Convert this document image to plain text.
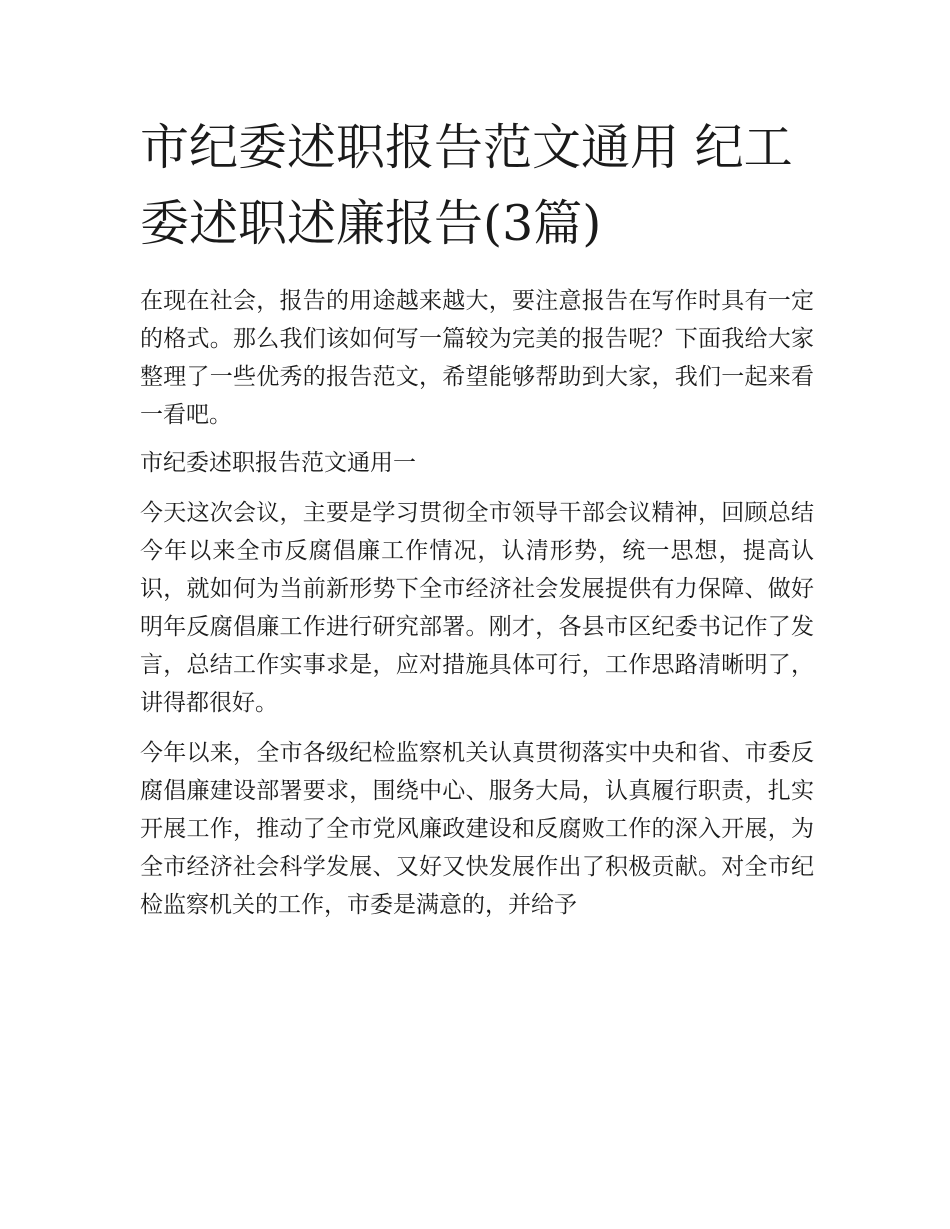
市纪委述职报告范文通用 纪工委述职述廉报告(3篇)

在现在社会，报告的用途越来越大，要注意报告在写作时具有一定的格式。那么我们该如何写一篇较为完美的报告呢？下面我给大家整理了一些优秀的报告范文，希望能够帮助到大家，我们一起来看一看吧。

市纪委述职报告范文通用一

今天这次会议，主要是学习贯彻全市领导干部会议精神，回顾总结今年以来全市反腐倡廉工作情况，认清形势，统一思想，提高认识，就如何为当前新形势下全市经济社会发展提供有力保障、做好明年反腐倡廉工作进行研究部署。刚才，各县市区纪委书记作了发言，总结工作实事求是，应对措施具体可行，工作思路清晰明了，讲得都很好。

今年以来，全市各级纪检监察机关认真贯彻落实中央和省、市委反腐倡廉建设部署要求，围绕中心、服务大局，认真履行职责，扎实开展工作，推动了全市党风廉政建设和反腐败工作的深入开展，为全市经济社会科学发展、又好又快发展作出了积极贡献。对全市纪检监察机关的工作，市委是满意的，并给予
